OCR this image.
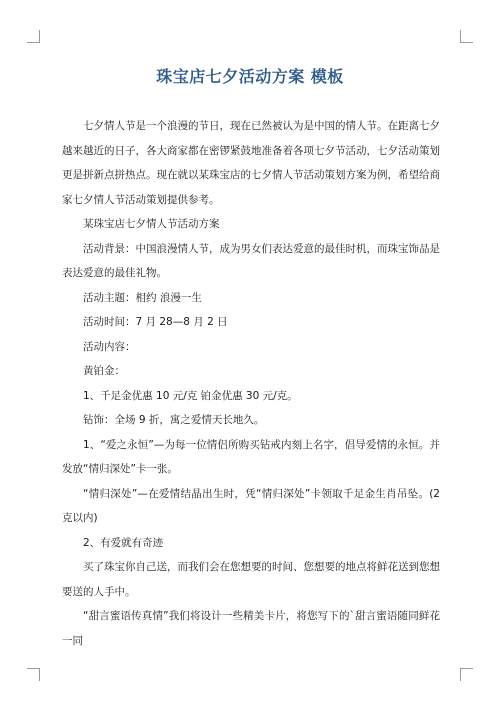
珠宝店七夕活动方案 模板

七夕情人节是一个浪漫的节日，现在已然被认为是中国的情人节。在距离七夕越来越近的日子，各大商家都在密锣紧鼓地准备着各项七夕节活动，七夕活动策划更是拼新点拼热点。现在就以某珠宝店的七夕情人节活动策划方案为例，希望给商家七夕情人节活动策划提供参考。

某珠宝店七夕情人节活动方案

活动背景：中国浪漫情人节，成为男女们表达爱意的最佳时机，而珠宝饰品是表达爱意的最佳礼物。

活动主题：相约 浪漫一生

活动时间：7 月 28—8 月 2 日

活动内容：

黄铂金：

1、千足金优惠 10 元/克 铂金优惠 30 元/克。

钻饰：全场 9 折，寓之爱情天长地久。

1、“爱之永恒”—为每一位情侣所购买钻戒内刻上名字，倡导爱情的永恒。并发放“情归深处”卡一张。

“情归深处”—在爱情结晶出生时，凭“情归深处”卡领取千足金生肖吊坠。(2 克以内)

2、有爱就有奇迹

买了珠宝你自己送，而我们会在您想要的时间、您想要的地点将鲜花送到您想要送的人手中。

“甜言蜜语传真情”我们将设计一些精美卡片，将您写下的`甜言蜜语随同鲜花一同
